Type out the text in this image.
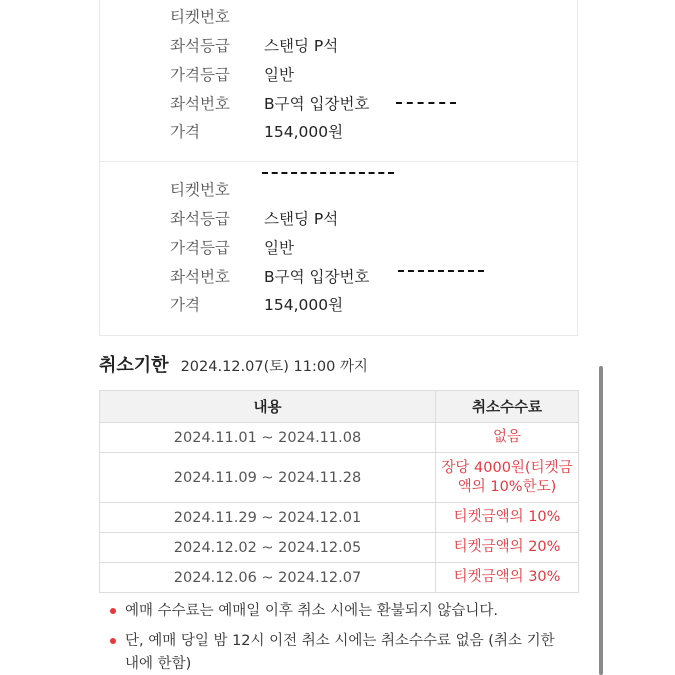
티켓번호
좌석등급	스탠딩 P석
가격등급	일반
좌석번호	B구역 입장번호
가격	154,000원
티켓번호
좌석등급	스탠딩 P석
가격등급	일반
좌석번호	B구역 입장번호
가격	154,000원
취소기한 2024.12.07(토) 11:00 까지
내용	취소수수료
2024.11.01 ~ 2024.11.08	없음
2024.11.09 ~ 2024.11.28	장당 4000원(티켓금
액의 10%한도)
2024.11.29 ~ 2024.12.01	티켓금액의 10%
2024.12.02 ~ 2024.12.05	티켓금액의 20%
2024.12.06 ~ 2024.12.07	티켓금액의 30%
예매 수수료는 예매일 이후 취소 시에는 환불되지 않습니다.
단, 예매 당일 밤 12시 이전 취소 시에는 취소수수료 없음 (취소 기한 내에 한함)
